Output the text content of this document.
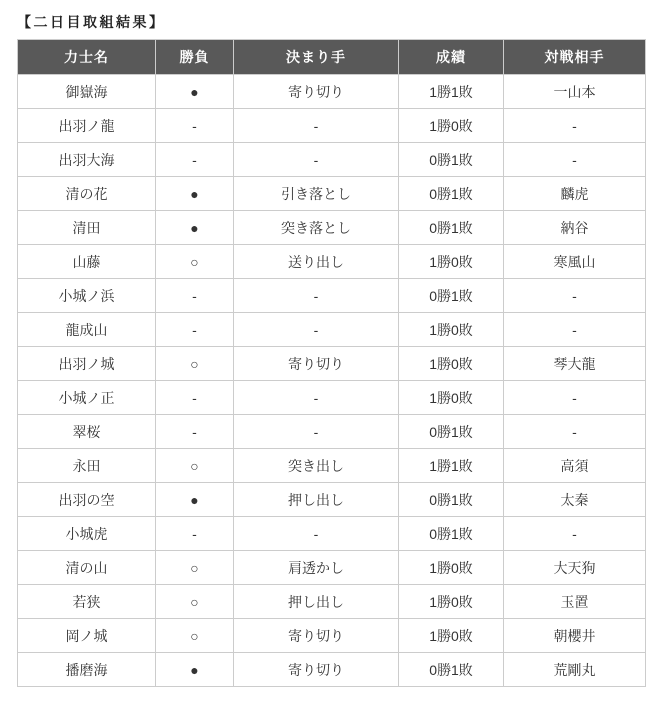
【二日目取組結果】
力士名	勝負	決まり手	成績	対戦相手
御嶽海	●	寄り切り	1勝1敗	一山本
出羽ノ龍	-	-	1勝0敗	-
出羽大海	-	-	0勝1敗	-
清の花	●	引き落とし	0勝1敗	麟虎
清田	●	突き落とし	0勝1敗	納谷
山藤	○	送り出し	1勝0敗	寒風山
小城ノ浜	-	-	0勝1敗	-
龍成山	-	-	1勝0敗	-
出羽ノ城	○	寄り切り	1勝0敗	琴大龍
小城ノ正	-	-	1勝0敗	-
翠桜	-	-	0勝1敗	-
永田	○	突き出し	1勝1敗	高須
出羽の空	●	押し出し	0勝1敗	太秦
小城虎	-	-	0勝1敗	-
清の山	○	肩透かし	1勝0敗	大天狗
若狭	○	押し出し	1勝0敗	玉置
岡ノ城	○	寄り切り	1勝0敗	朝櫻井
播磨海	●	寄り切り	0勝1敗	荒剛丸
